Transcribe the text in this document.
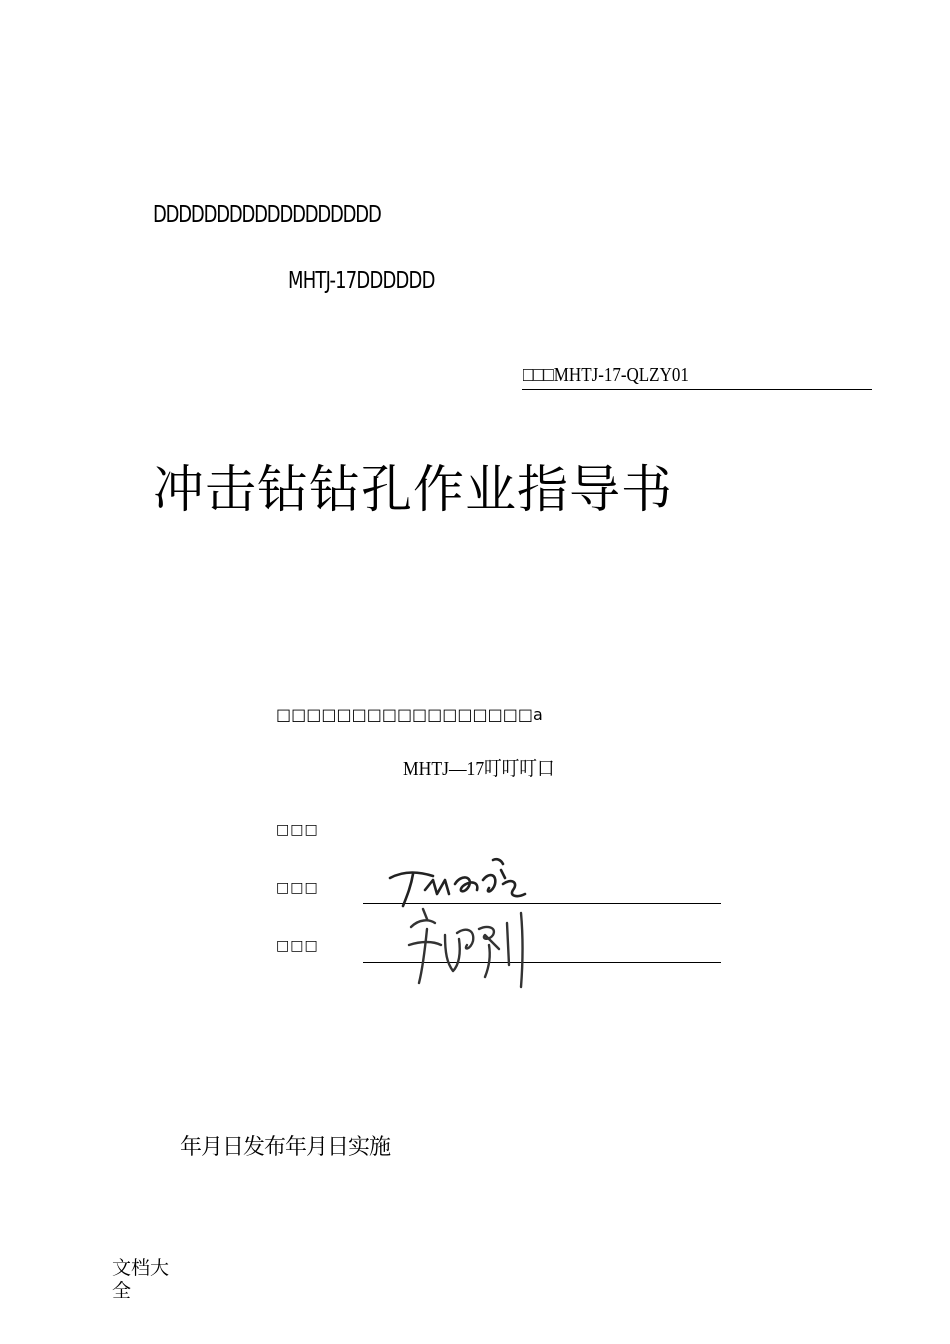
DDDDDDDDDDDDDDDDDD
MHTJ-17DDDDDD
□□□MHTJ-17-QLZY01
冲击钻钻孔作业指导书
□□□□□□□□□□□□□□□□□a
MHTJ—17叮叮叮口
□□□
□□□
□□□
年月日发布年月日实施
文档大全
